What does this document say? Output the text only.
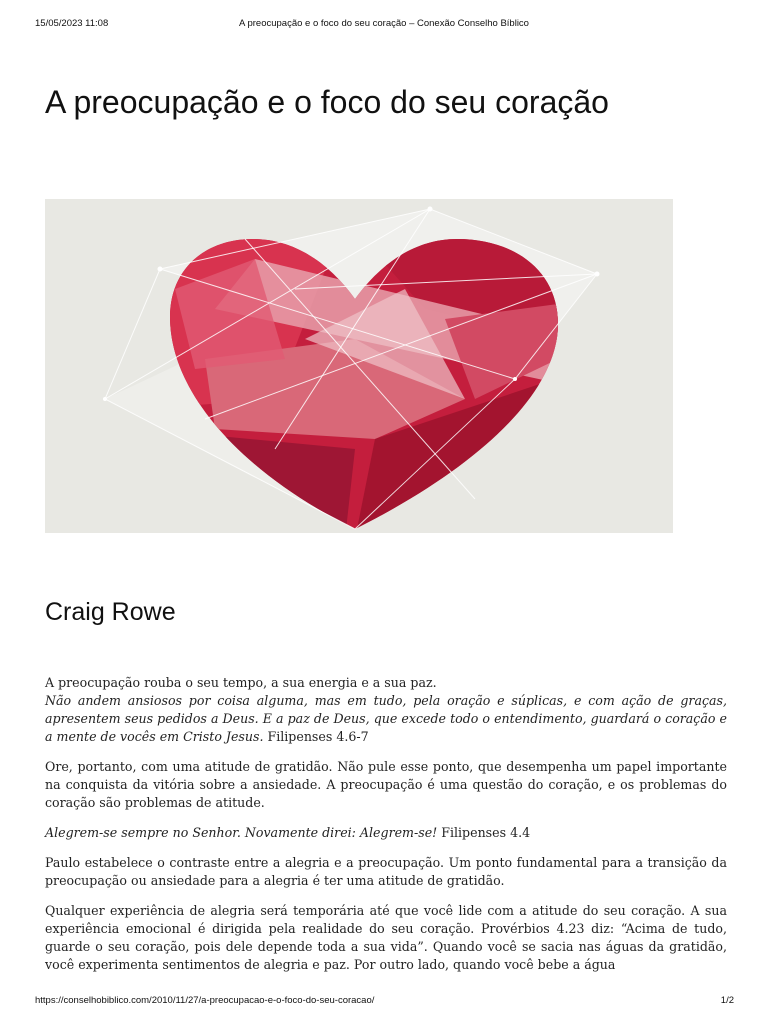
15/05/2023 11:08	A preocupação e o foco do seu coração – Conexão Conselho Bíblico
A preocupação e o foco do seu coração
Craig Rowe

A preocupação rouba o seu tempo, a sua energia e a sua paz.
Não andem ansiosos por coisa alguma, mas em tudo, pela oração e súplicas, e com ação de graças, apresentem seus pedidos a Deus. E a paz de Deus, que excede todo o entendimento, guardará o coração e a mente de vocês em Cristo Jesus. Filipenses 4.6-7

Ore, portanto, com uma atitude de gratidão. Não pule esse ponto, que desempenha um papel importante na conquista da vitória sobre a ansiedade. A preocupação é uma questão do coração, e os problemas do coração são problemas de atitude.

Alegrem-se sempre no Senhor. Novamente direi: Alegrem-se! Filipenses 4.4

Paulo estabelece o contraste entre a alegria e a preocupação. Um ponto fundamental para a transição da preocupação ou ansiedade para a alegria é ter uma atitude de gratidão.

Qualquer experiência de alegria será temporária até que você lide com a atitude do seu coração. A sua experiência emocional é dirigida pela realidade do seu coração. Provérbios 4.23 diz: “Acima de tudo, guarde o seu coração, pois dele depende toda a sua vida”. Quando você se sacia nas águas da gratidão, você experimenta sentimentos de alegria e paz. Por outro lado, quando você bebe a água

https://conselhobiblico.com/2010/11/27/a-preocupacao-e-o-foco-do-seu-coracao/	1/2
